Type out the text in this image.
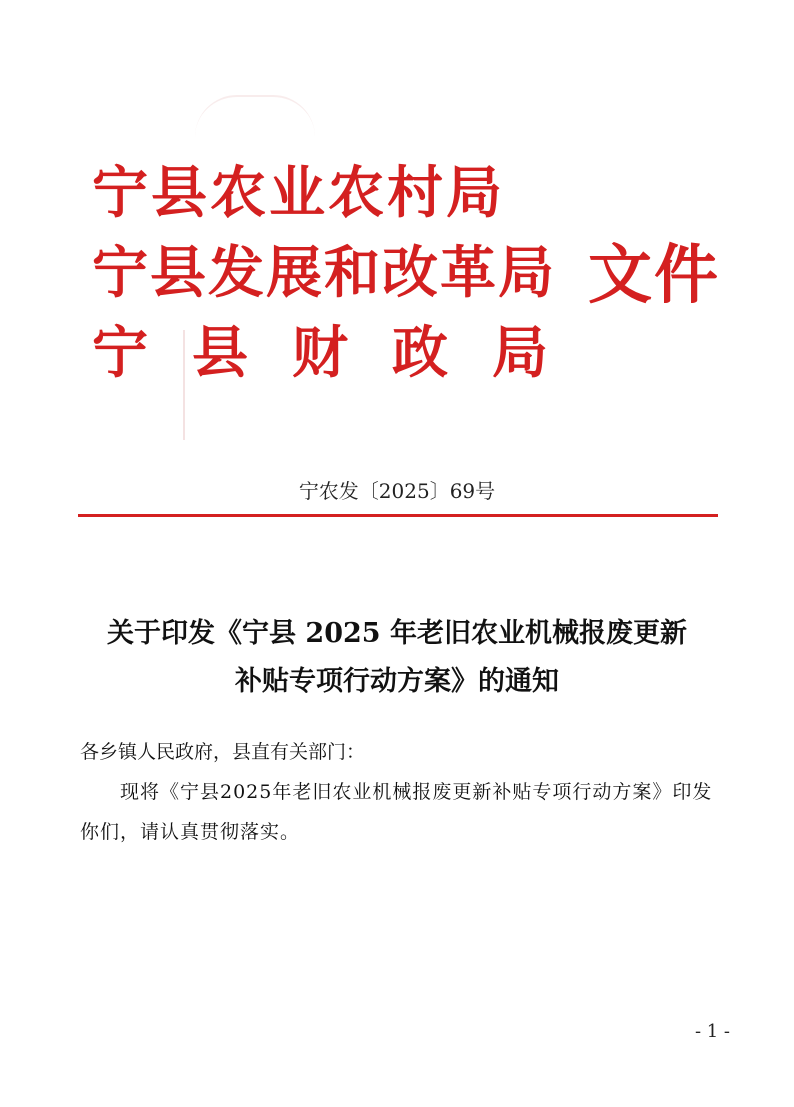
宁县农业农村局
宁县发展和改革局
宁县财政局
文件
宁农发〔2025〕69号
关于印发《宁县 2025 年老旧农业机械报废更新
补贴专项行动方案》的通知
各乡镇人民政府，县直有关部门：
现将《宁县2025年老旧农业机械报废更新补贴专项行动方案》印发你们，请认真贯彻落实。
- 1 -
